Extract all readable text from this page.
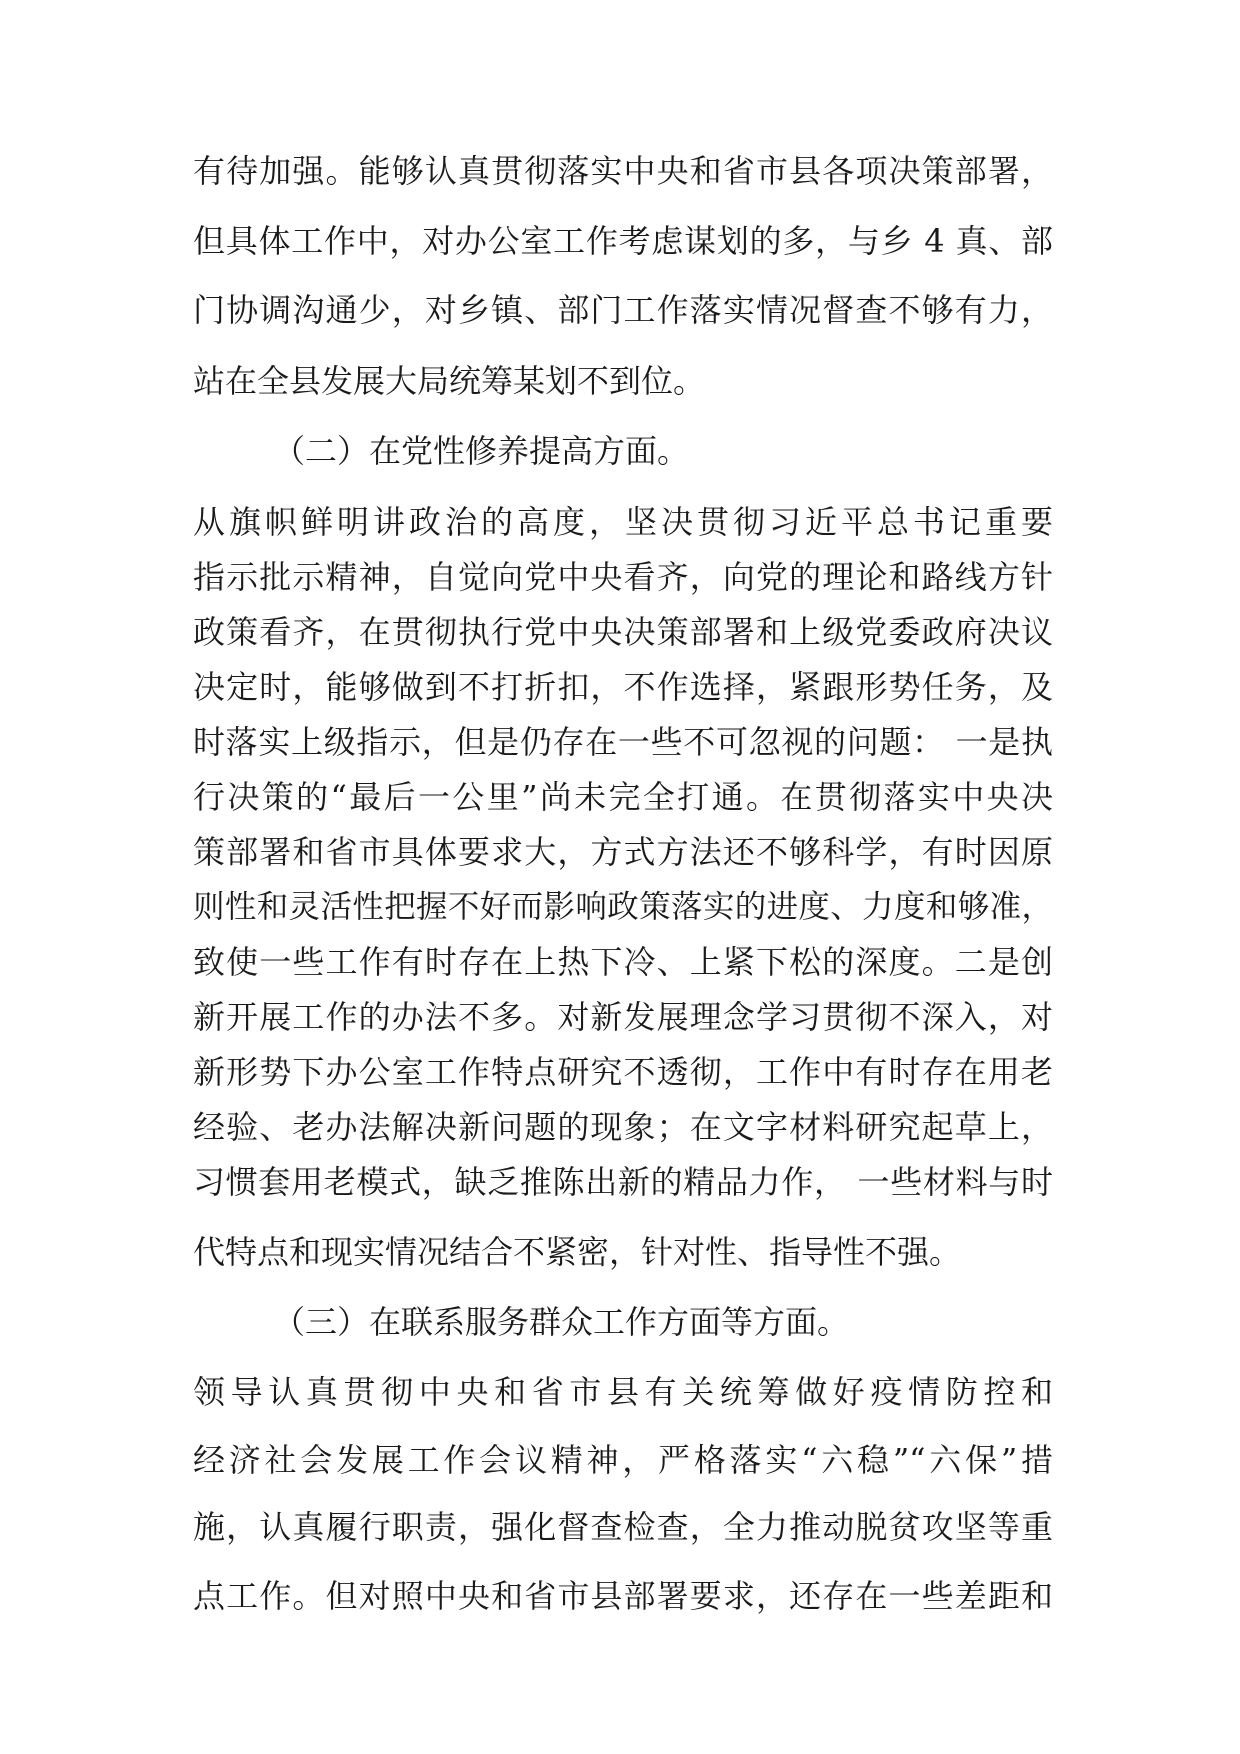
有待加强。能够认真贯彻落实中央和省市县各项决策部署，
但具体工作中，对办公室工作考虑谋划的多，与乡 4 真、部
门协调沟通少，对乡镇、部门工作落实情况督查不够有力，
站在全县发展大局统筹某划不到位。
（二）在党性修养提高方面。
从旗帜鲜明讲政治的高度，坚决贯彻习近平总书记重要
指示批示精神，自觉向党中央看齐，向党的理论和路线方针
政策看齐，在贯彻执行党中央决策部署和上级党委政府决议
决定时，能够做到不打折扣，不作选择，紧跟形势任务，及
时落实上级指示，但是仍存在一些不可忽视的问题： 一是执
行决策的“最后一公里”尚未完全打通。在贯彻落实中央决
策部署和省市具体要求大，方式方法还不够科学，有时因原
则性和灵活性把握不好而影响政策落实的进度、力度和够准，
致使一些工作有时存在上热下冷、上紧下松的深度。二是创
新开展工作的办法不多。对新发展理念学习贯彻不深入，对
新形势下办公室工作特点研究不透彻，工作中有时存在用老
经验、老办法解决新问题的现象；在文字材料研究起草上，
习惯套用老模式，缺乏推陈出新的精品力作， 一些材料与时
代特点和现实情况结合不紧密，针对性、指导性不强。
（三）在联系服务群众工作方面等方面。
领导认真贯彻中央和省市县有关统筹做好疫情防控和
经济社会发展工作会议精神，严格落实“六稳”“六保”措
施，认真履行职责，强化督查检查，全力推动脱贫攻坚等重
点工作。但对照中央和省市县部署要求，还存在一些差距和
